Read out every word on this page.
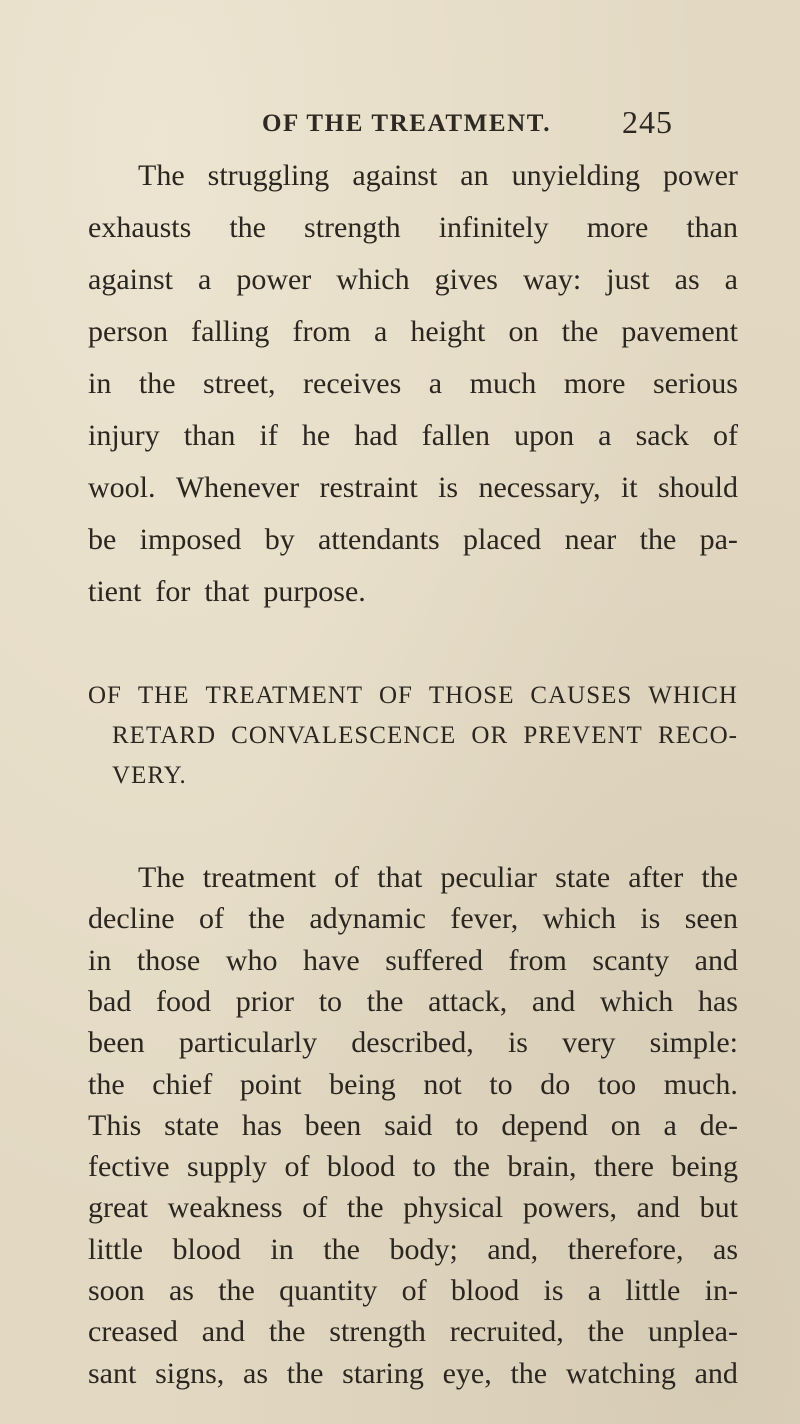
OF THE TREATMENT. 245
The struggling against an unyielding power
exhausts the strength infinitely more than
against a power which gives way: just as a
person falling from a height on the pavement
in the street, receives a much more serious
injury than if he had fallen upon a sack of
wool. Whenever restraint is necessary, it should
be imposed by attendants placed near the pa-
tient for that purpose.
OF THE TREATMENT OF THOSE CAUSES WHICH
RETARD CONVALESCENCE OR PREVENT RECO-
VERY.
The treatment of that peculiar state after the
decline of the adynamic fever, which is seen
in those who have suffered from scanty and
bad food prior to the attack, and which has
been particularly described, is very simple:
the chief point being not to do too much.
This state has been said to depend on a de-
fective supply of blood to the brain, there being
great weakness of the physical powers, and but
little blood in the body; and, therefore, as
soon as the quantity of blood is a little in-
creased and the strength recruited, the unplea-
sant signs, as the staring eye, the watching and
